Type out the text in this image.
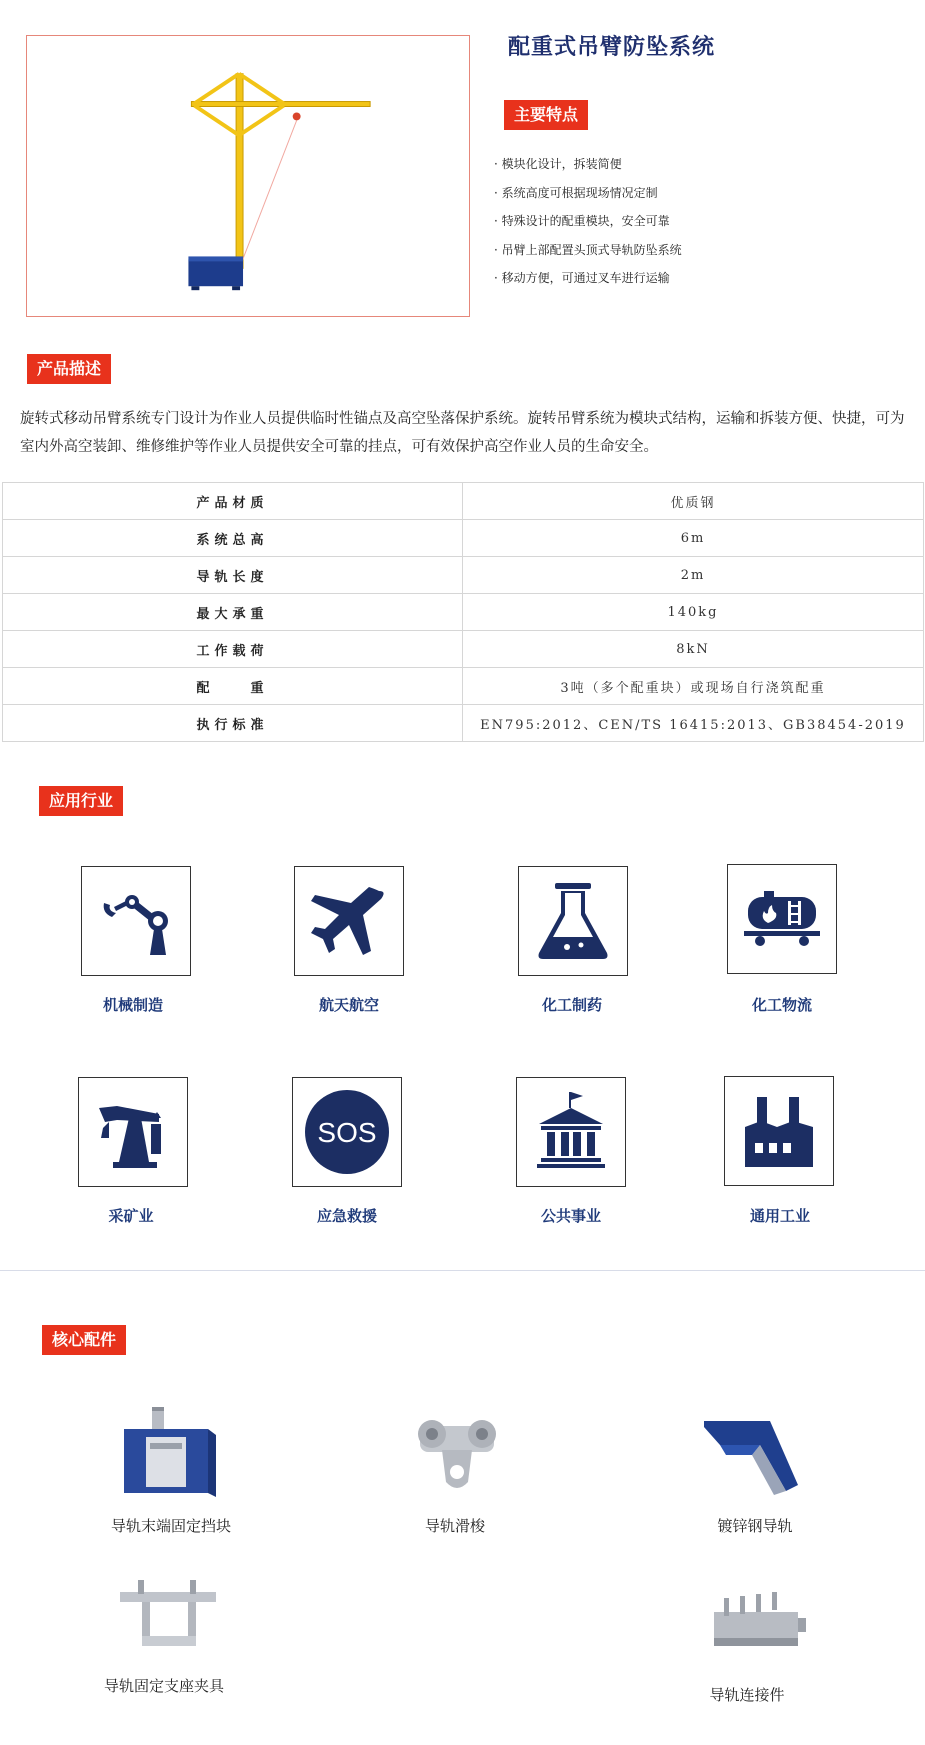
配重式吊臂防坠系统
主要特点
· 模块化设计，拆装简便
· 系统高度可根据现场情况定制
· 特殊设计的配重模块，安全可靠
· 吊臂上部配置头顶式导轨防坠系统
· 移动方便，可通过叉车进行运输
产品描述

旋转式移动吊臂系统专门设计为作业人员提供临时性锚点及高空坠落保护系统。旋转吊臂系统为模块式结构，运输和拆装方便、快捷，可为室内外高空装卸、维修维护等作业人员提供安全可靠的挂点，可有效保护高空作业人员的生命安全。

产品材质	优质钢
系统总高	6m
导轨长度	2m
最大承重	140kg
工作载荷	8kN
配　　重	3吨（多个配重块）或现场自行浇筑配重
执行标准	EN795:2012、CEN/TS 16415:2013、GB38454-2019
应用行业
机械制造	航天航空	化工制药	化工物流
采矿业
SOS
应急救援	公共事业	通用工业
核心配件
导轨末端固定挡块	导轨滑梭	镀锌钢导轨
导轨固定支座夹具	导轨连接件
